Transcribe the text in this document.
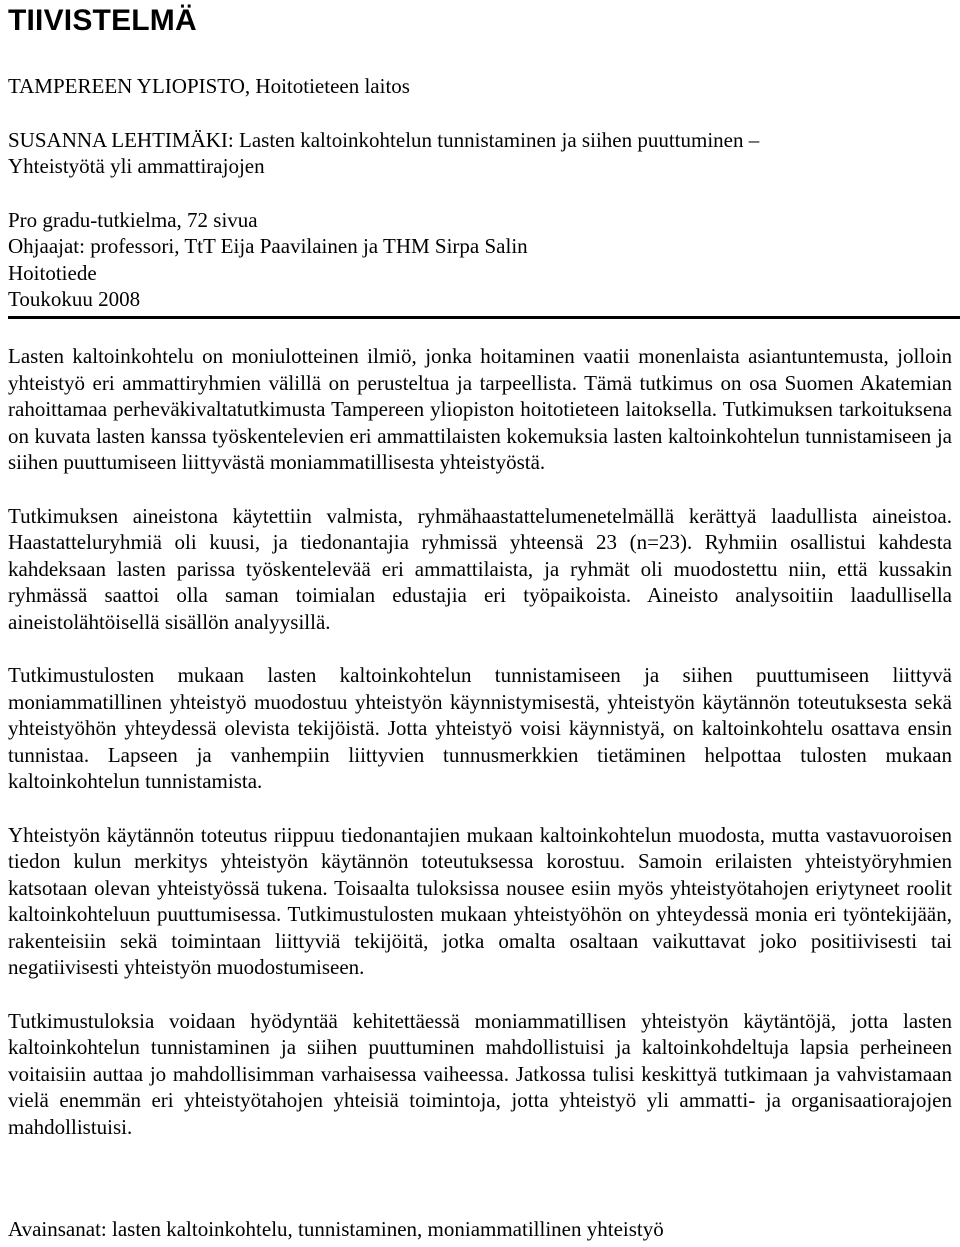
TIIVISTELMÄ
TAMPEREEN YLIOPISTO, Hoitotieteen laitos
SUSANNA LEHTIMÄKI: Lasten kaltoinkohtelun tunnistaminen ja siihen puuttuminen –
Yhteistyötä yli ammattirajojen
Pro gradu-tutkielma, 72 sivua
Ohjaajat: professori, TtT Eija Paavilainen ja THM Sirpa Salin
Hoitotiede
Toukokuu 2008

Lasten kaltoinkohtelu on moniulotteinen ilmiö, jonka hoitaminen vaatii monenlaista asiantuntemusta, jolloin yhteistyö eri ammattiryhmien välillä on perusteltua ja tarpeellista. Tämä tutkimus on osa Suomen Akatemian rahoittamaa perheväkivaltatutkimusta Tampereen yliopiston hoitotieteen laitoksella. Tutkimuksen tarkoituksena on kuvata lasten kanssa työskentelevien eri ammattilaisten kokemuksia lasten kaltoinkohtelun tunnistamiseen ja siihen puuttumiseen liittyvästä moniammatillisesta yhteistyöstä.

Tutkimuksen aineistona käytettiin valmista, ryhmähaastattelumenetelmällä kerättyä laadullista aineistoa. Haastatteluryhmiä oli kuusi, ja tiedonantajia ryhmissä yhteensä 23 (n=23). Ryhmiin osallistui kahdesta kahdeksaan lasten parissa työskentelevää eri ammattilaista, ja ryhmät oli muodostettu niin, että kussakin ryhmässä saattoi olla saman toimialan edustajia eri työpaikoista. Aineisto analysoitiin laadullisella aineistolähtöisellä sisällön analyysillä.

Tutkimustulosten mukaan lasten kaltoinkohtelun tunnistamiseen ja siihen puuttumiseen liittyvä moniammatillinen yhteistyö muodostuu yhteistyön käynnistymisestä, yhteistyön käytännön toteutuksesta sekä yhteistyöhön yhteydessä olevista tekijöistä. Jotta yhteistyö voisi käynnistyä, on kaltoinkohtelu osattava ensin tunnistaa. Lapseen ja vanhempiin liittyvien tunnusmerkkien tietäminen helpottaa tulosten mukaan kaltoinkohtelun tunnistamista.

Yhteistyön käytännön toteutus riippuu tiedonantajien mukaan kaltoinkohtelun muodosta, mutta vastavuoroisen tiedon kulun merkitys yhteistyön käytännön toteutuksessa korostuu. Samoin erilaisten yhteistyöryhmien katsotaan olevan yhteistyössä tukena. Toisaalta tuloksissa nousee esiin myös yhteistyötahojen eriytyneet roolit kaltoinkohteluun puuttumisessa. Tutkimustulosten mukaan yhteistyöhön on yhteydessä monia eri työntekijään, rakenteisiin sekä toimintaan liittyviä tekijöitä, jotka omalta osaltaan vaikuttavat joko positiivisesti tai negatiivisesti yhteistyön muodostumiseen.

Tutkimustuloksia voidaan hyödyntää kehitettäessä moniammatillisen yhteistyön käytäntöjä, jotta lasten kaltoinkohtelun tunnistaminen ja siihen puuttuminen mahdollistuisi ja kaltoinkohdeltuja lapsia perheineen voitaisiin auttaa jo mahdollisimman varhaisessa vaiheessa. Jatkossa tulisi keskittyä tutkimaan ja vahvistamaan vielä enemmän eri yhteistyötahojen yhteisiä toimintoja, jotta yhteistyö yli ammatti- ja organisaatiorajojen mahdollistuisi.

Avainsanat: lasten kaltoinkohtelu, tunnistaminen, moniammatillinen yhteistyö
